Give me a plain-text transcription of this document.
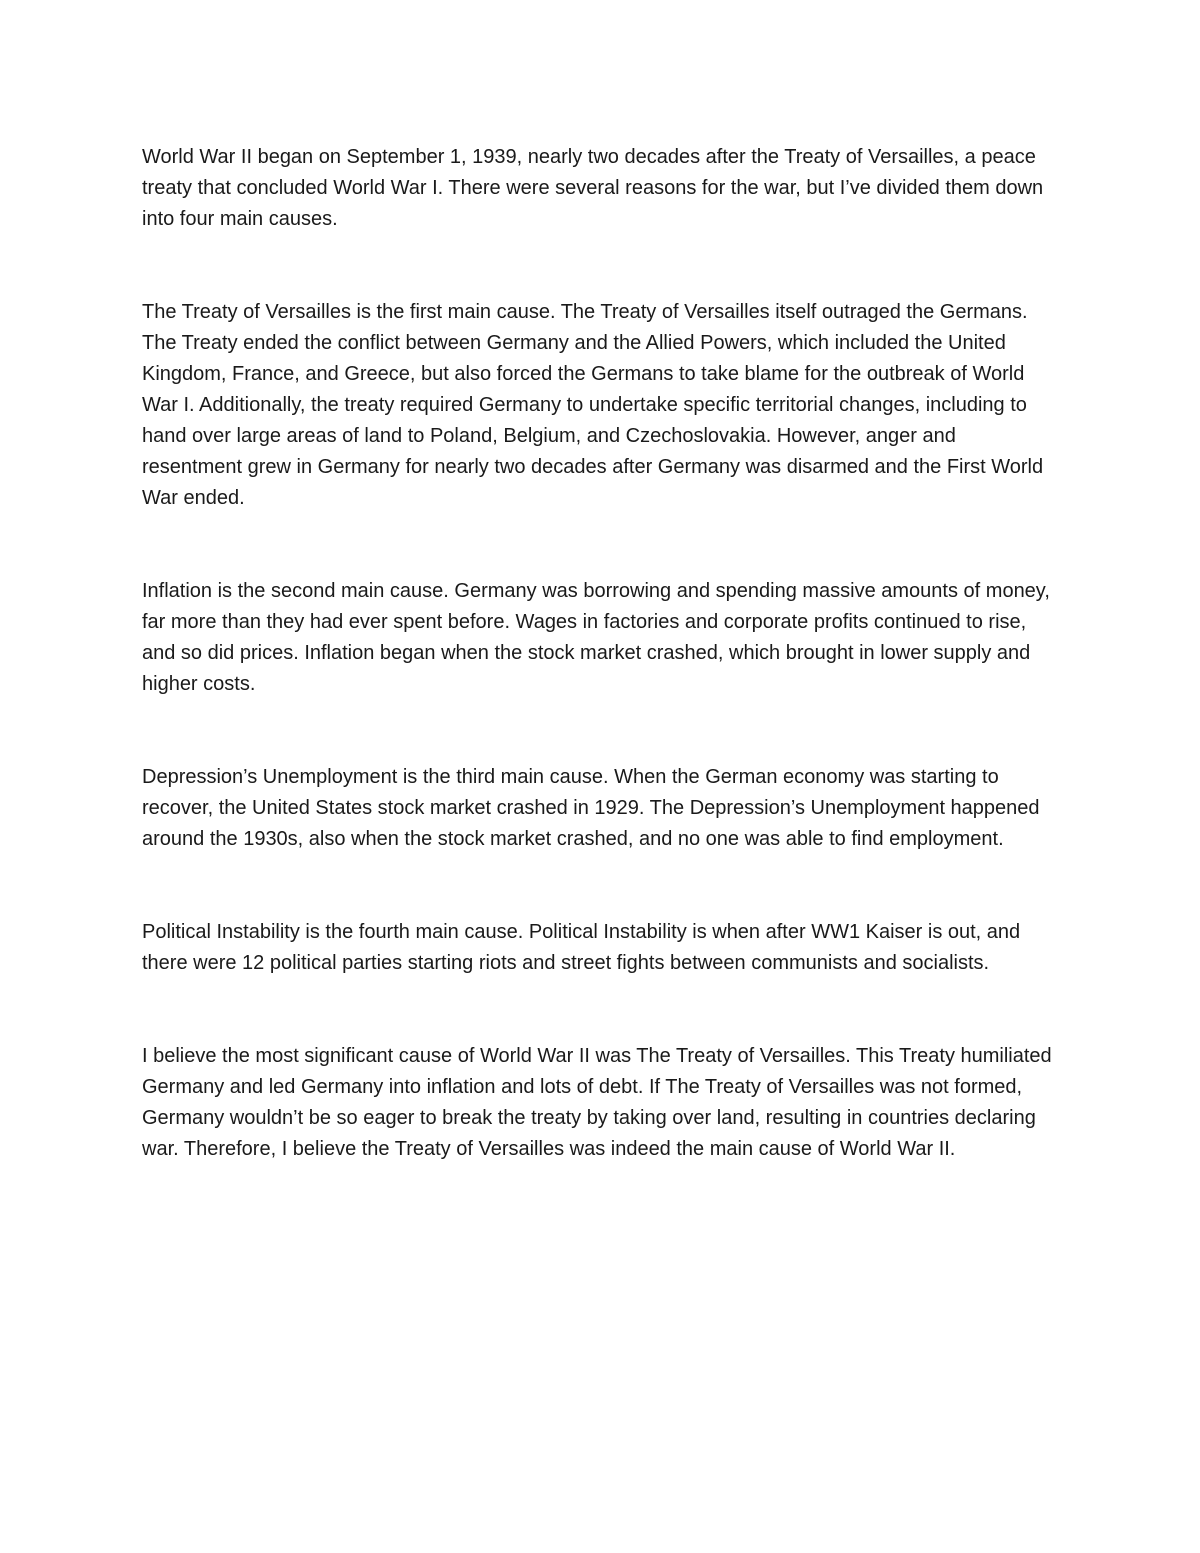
World War II began on September 1, 1939, nearly two decades after the Treaty of Versailles, a peace treaty that concluded World War I. There were several reasons for the war, but I’ve divided them down into four main causes.

The Treaty of Versailles is the first main cause. The Treaty of Versailles itself outraged the Germans. The Treaty ended the conflict between Germany and the Allied Powers, which included the United Kingdom, France, and Greece, but also forced the Germans to take blame for the outbreak of World War I. Additionally, the treaty required Germany to undertake specific territorial changes, including to hand over large areas of land to Poland, Belgium, and Czechoslovakia. However, anger and resentment grew in Germany for nearly two decades after Germany was disarmed and the First World War ended.

Inflation is the second main cause. Germany was borrowing and spending massive amounts of money, far more than they had ever spent before. Wages in factories and corporate profits continued to rise, and so did prices. Inflation began when the stock market crashed, which brought in lower supply and higher costs.

Depression’s Unemployment is the third main cause. When the German economy was starting to recover, the United States stock market crashed in 1929. The Depression’s Unemployment happened around the 1930s, also when the stock market crashed, and no one was able to find employment.

Political Instability is the fourth main cause. Political Instability is when after WW1 Kaiser is out, and there were 12 political parties starting riots and street fights between communists and socialists.

I believe the most significant cause of World War II was The Treaty of Versailles. This Treaty humiliated Germany and led Germany into inflation and lots of debt. If The Treaty of Versailles was not formed, Germany wouldn’t be so eager to break the treaty by taking over land, resulting in countries declaring war. Therefore, I believe the Treaty of Versailles was indeed the main cause of World War II.
